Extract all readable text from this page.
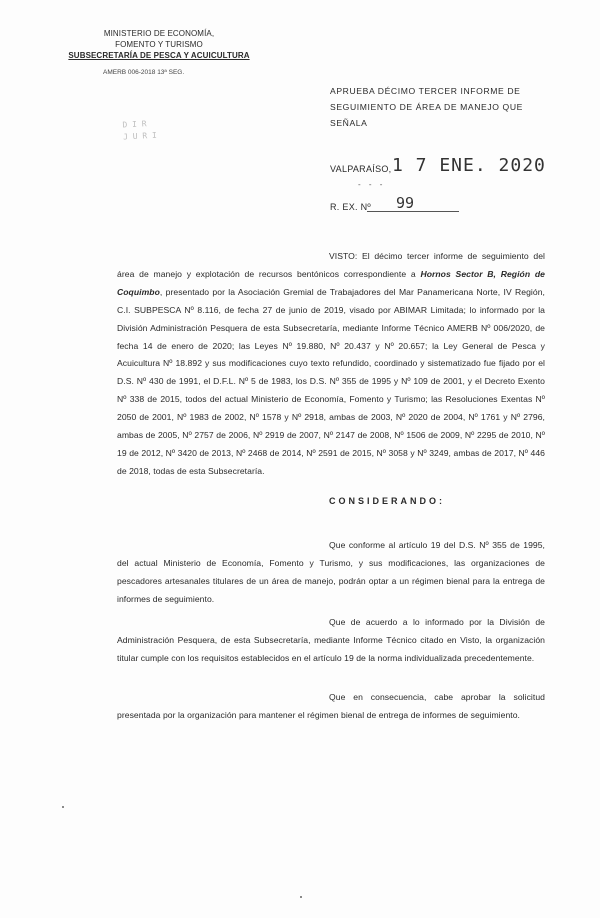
MINISTERIO DE ECONOMÍA,
FOMENTO Y TURISMO
SUBSECRETARÍA DE PESCA Y ACUICULTURA
AMERB 006-2018 13ª SEG.
D I R
J U R I
APRUEBA DÉCIMO TERCER INFORME DE SEGUIMIENTO DE ÁREA DE MANEJO QUE SEÑALA
VALPARAÍSO, 1 7 ENE. 2020
- - -
R. EX. Nº 99
VISTO: El décimo tercer informe de seguimiento del área de manejo y explotación de recursos bentónicos correspondiente a Hornos Sector B, Región de Coquimbo, presentado por la Asociación Gremial de Trabajadores del Mar Panamericana Norte, IV Región, C.I. SUBPESCA Nº 8.116, de fecha 27 de junio de 2019, visado por ABIMAR Limitada; lo informado por la División Administración Pesquera de esta Subsecretaría, mediante Informe Técnico AMERB Nº 006/2020, de fecha 14 de enero de 2020; las Leyes Nº 19.880, Nº 20.437 y Nº 20.657; la Ley General de Pesca y Acuicultura Nº 18.892 y sus modificaciones cuyo texto refundido, coordinado y sistematizado fue fijado por el D.S. Nº 430 de 1991, el D.F.L. Nº 5 de 1983, los D.S. Nº 355 de 1995 y Nº 109 de 2001, y el Decreto Exento Nº 338 de 2015, todos del actual Ministerio de Economía, Fomento y Turismo; las Resoluciones Exentas Nº 2050 de 2001, Nº 1983 de 2002, Nº 1578 y Nº 2918, ambas de 2003, Nº 2020 de 2004, Nº 1761 y Nº 2796, ambas de 2005, Nº 2757 de 2006, Nº 2919 de 2007, Nº 2147 de 2008, Nº 1506 de 2009, Nº 2295 de 2010, Nº 19 de 2012, Nº 3420 de 2013, Nº 2468 de 2014, Nº 2591 de 2015, Nº 3058 y Nº 3249, ambas de 2017, Nº 446 de 2018, todas de esta Subsecretaría.
CONSIDERANDO:
Que conforme al artículo 19 del D.S. Nº 355 de 1995, del actual Ministerio de Economía, Fomento y Turismo, y sus modificaciones, las organizaciones de pescadores artesanales titulares de un área de manejo, podrán optar a un régimen bienal para la entrega de informes de seguimiento.
Que de acuerdo a lo informado por la División de Administración Pesquera, de esta Subsecretaría, mediante Informe Técnico citado en Visto, la organización titular cumple con los requisitos establecidos en el artículo 19 de la norma individualizada precedentemente.
Que en consecuencia, cabe aprobar la solicitud presentada por la organización para mantener el régimen bienal de entrega de informes de seguimiento.
